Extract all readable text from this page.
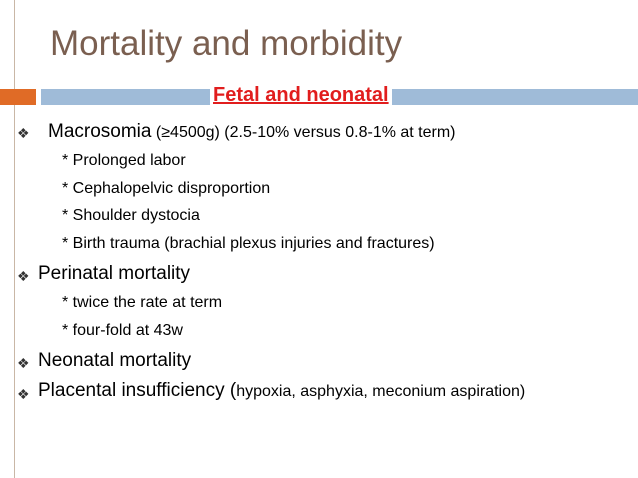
Mortality and morbidity
Fetal and neonatal
❖ Macrosomia (≥4500g) (2.5-10% versus 0.8-1% at term)
* Prolonged labor
* Cephalopelvic disproportion
* Shoulder dystocia
* Birth trauma (brachial plexus injuries and fractures)
❖ Perinatal mortality
* twice the rate at term
* four-fold at 43w
❖ Neonatal mortality
❖ Placental insufficiency (hypoxia, asphyxia, meconium aspiration)
